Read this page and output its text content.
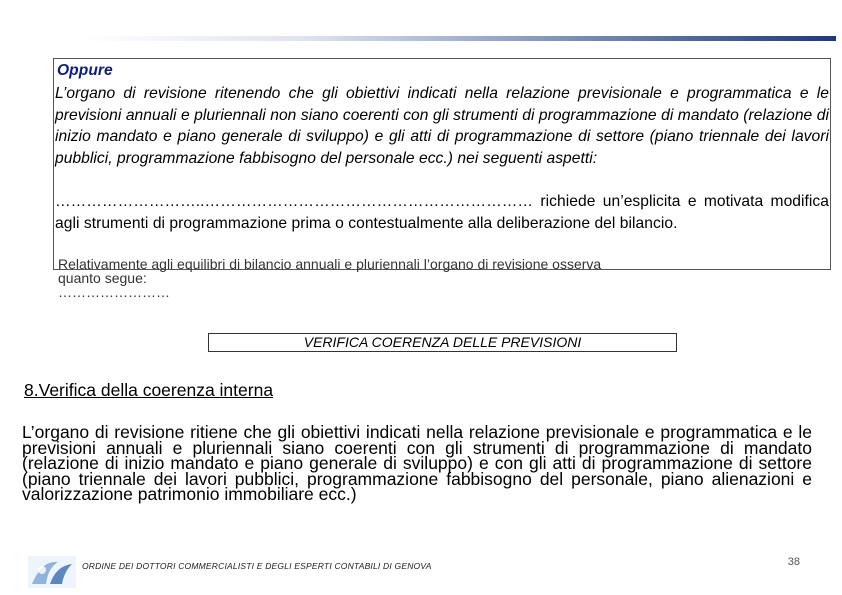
Oppure

L’organo di revisione ritenendo che gli obiettivi indicati nella relazione previsionale e programmatica e le previsioni annuali e pluriennali non siano coerenti con gli strumenti di programmazione di mandato (relazione di inizio mandato e piano generale di sviluppo) e gli atti di programmazione di settore (piano triennale dei lavori pubblici, programmazione fabbisogno del personale ecc.) nei seguenti aspetti:

………………………..……………………………………………………… richiede un’esplicita e motivata modifica agli strumenti di programmazione prima o contestualmente alla deliberazione del bilancio.

Relativamente agli equilibri di bilancio annuali e pluriennali l’organo di revisione osserva
quanto segue:
……………………
VERIFICA COERENZA DELLE PREVISIONI
8.Verifica della coerenza interna
L’organo di revisione ritiene che gli obiettivi indicati nella relazione previsionale e programmatica e le previsioni annuali e pluriennali siano coerenti con gli strumenti di programmazione di mandato (relazione di inizio mandato e piano generale di sviluppo) e con gli atti di programmazione di settore (piano triennale dei lavori pubblici, programmazione fabbisogno del personale, piano alienazioni e valorizzazione patrimonio immobiliare ecc.)
ORDINE DEI DOTTORI COMMERCIALISTI E DEGLI ESPERTI CONTABILI DI GENOVA	38
